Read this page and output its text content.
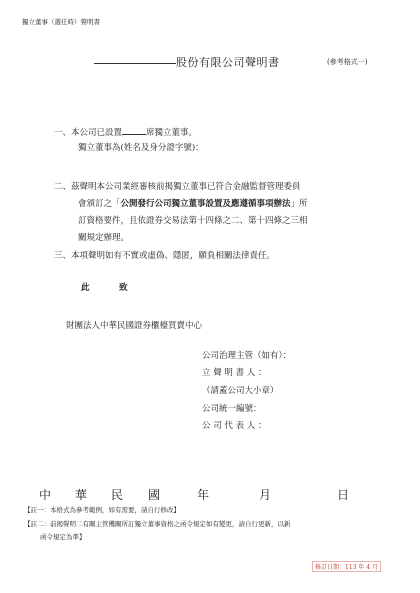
獨立董事（選任時）聲明書
股份有限公司聲明書	(參考格式一)
一、本公司已設置	席獨立董事。
獨立董事為(姓名及身分證字號)：
二、茲聲明本公司業經審核前揭獨立董事已符合金融監督管理委員
會頒訂之「公開發行公司獨立董事設置及應遵循事項辦法」所
訂資格要件，且依證券交易法第十四條之二、第十四條之三相
關規定辦理。
三、本項聲明如有不實或虛偽、隱匿，願負相關法律責任。
此	致
財團法人中華民國證券櫃檯買賣中心
公司治理主管（如有）：
立 聲 明 書 人 ：
（請蓋公司大小章）
公司統一編號：
公 司 代 表 人 ：
中 華 民 國	年	月	日
【註一：本格式為參考範例，如有需要，請自行修改】
【註二：前揭聲明二有關主管機關所訂獨立董事資格之函令規定如有變更，請自行更新，以新
函令規定為準】
修訂日期：113 年 4 月
